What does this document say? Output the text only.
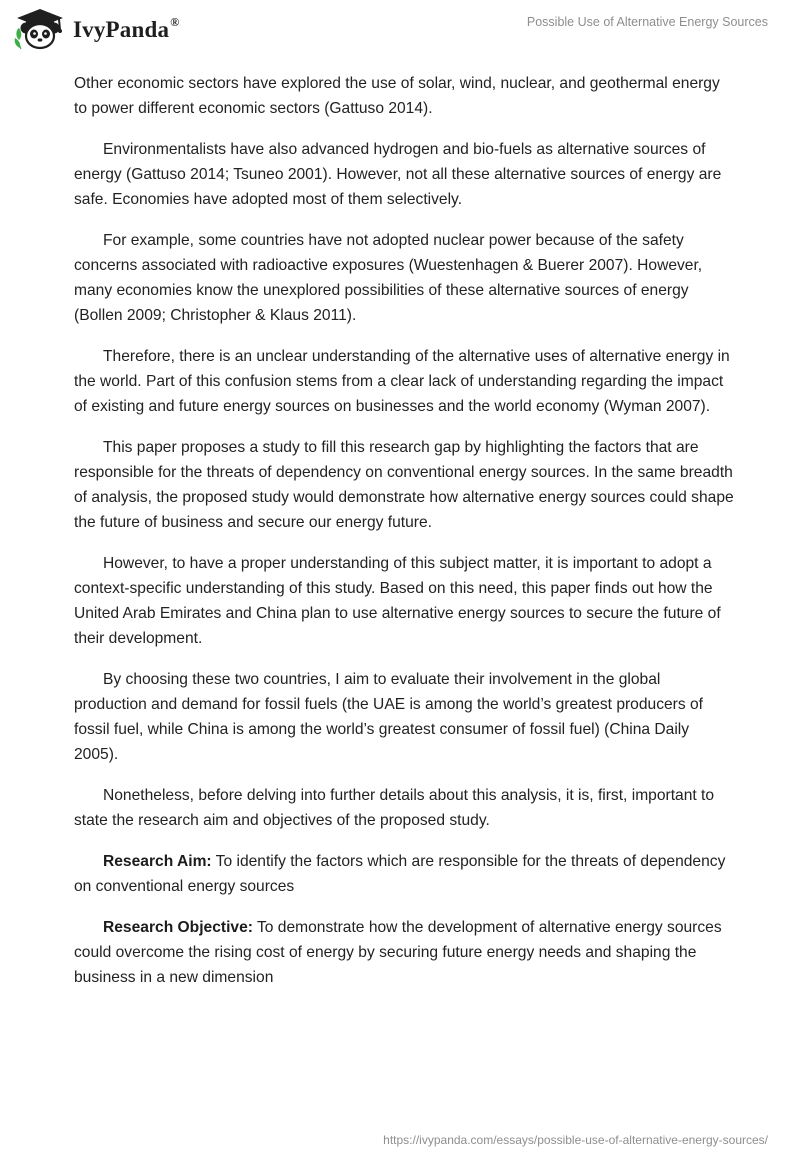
IvyPanda®	Possible Use of Alternative Energy Sources

Other economic sectors have explored the use of solar, wind, nuclear, and geothermal energy to power different economic sectors (Gattuso 2014).

Environmentalists have also advanced hydrogen and bio-fuels as alternative sources of energy (Gattuso 2014; Tsuneo 2001). However, not all these alternative sources of energy are safe. Economies have adopted most of them selectively.

For example, some countries have not adopted nuclear power because of the safety concerns associated with radioactive exposures (Wuestenhagen & Buerer 2007). However, many economies know the unexplored possibilities of these alternative sources of energy (Bollen 2009; Christopher & Klaus 2011).

Therefore, there is an unclear understanding of the alternative uses of alternative energy in the world. Part of this confusion stems from a clear lack of understanding regarding the impact of existing and future energy sources on businesses and the world economy (Wyman 2007).

This paper proposes a study to fill this research gap by highlighting the factors that are responsible for the threats of dependency on conventional energy sources. In the same breadth of analysis, the proposed study would demonstrate how alternative energy sources could shape the future of business and secure our energy future.

However, to have a proper understanding of this subject matter, it is important to adopt a context-specific understanding of this study. Based on this need, this paper finds out how the United Arab Emirates and China plan to use alternative energy sources to secure the future of their development.

By choosing these two countries, I aim to evaluate their involvement in the global production and demand for fossil fuels (the UAE is among the world’s greatest producers of fossil fuel, while China is among the world’s greatest consumer of fossil fuel) (China Daily 2005).

Nonetheless, before delving into further details about this analysis, it is, first, important to state the research aim and objectives of the proposed study.

Research Aim: To identify the factors which are responsible for the threats of dependency on conventional energy sources

Research Objective: To demonstrate how the development of alternative energy sources could overcome the rising cost of energy by securing future energy needs and shaping the business in a new dimension

https://ivypanda.com/essays/possible-use-of-alternative-energy-sources/
